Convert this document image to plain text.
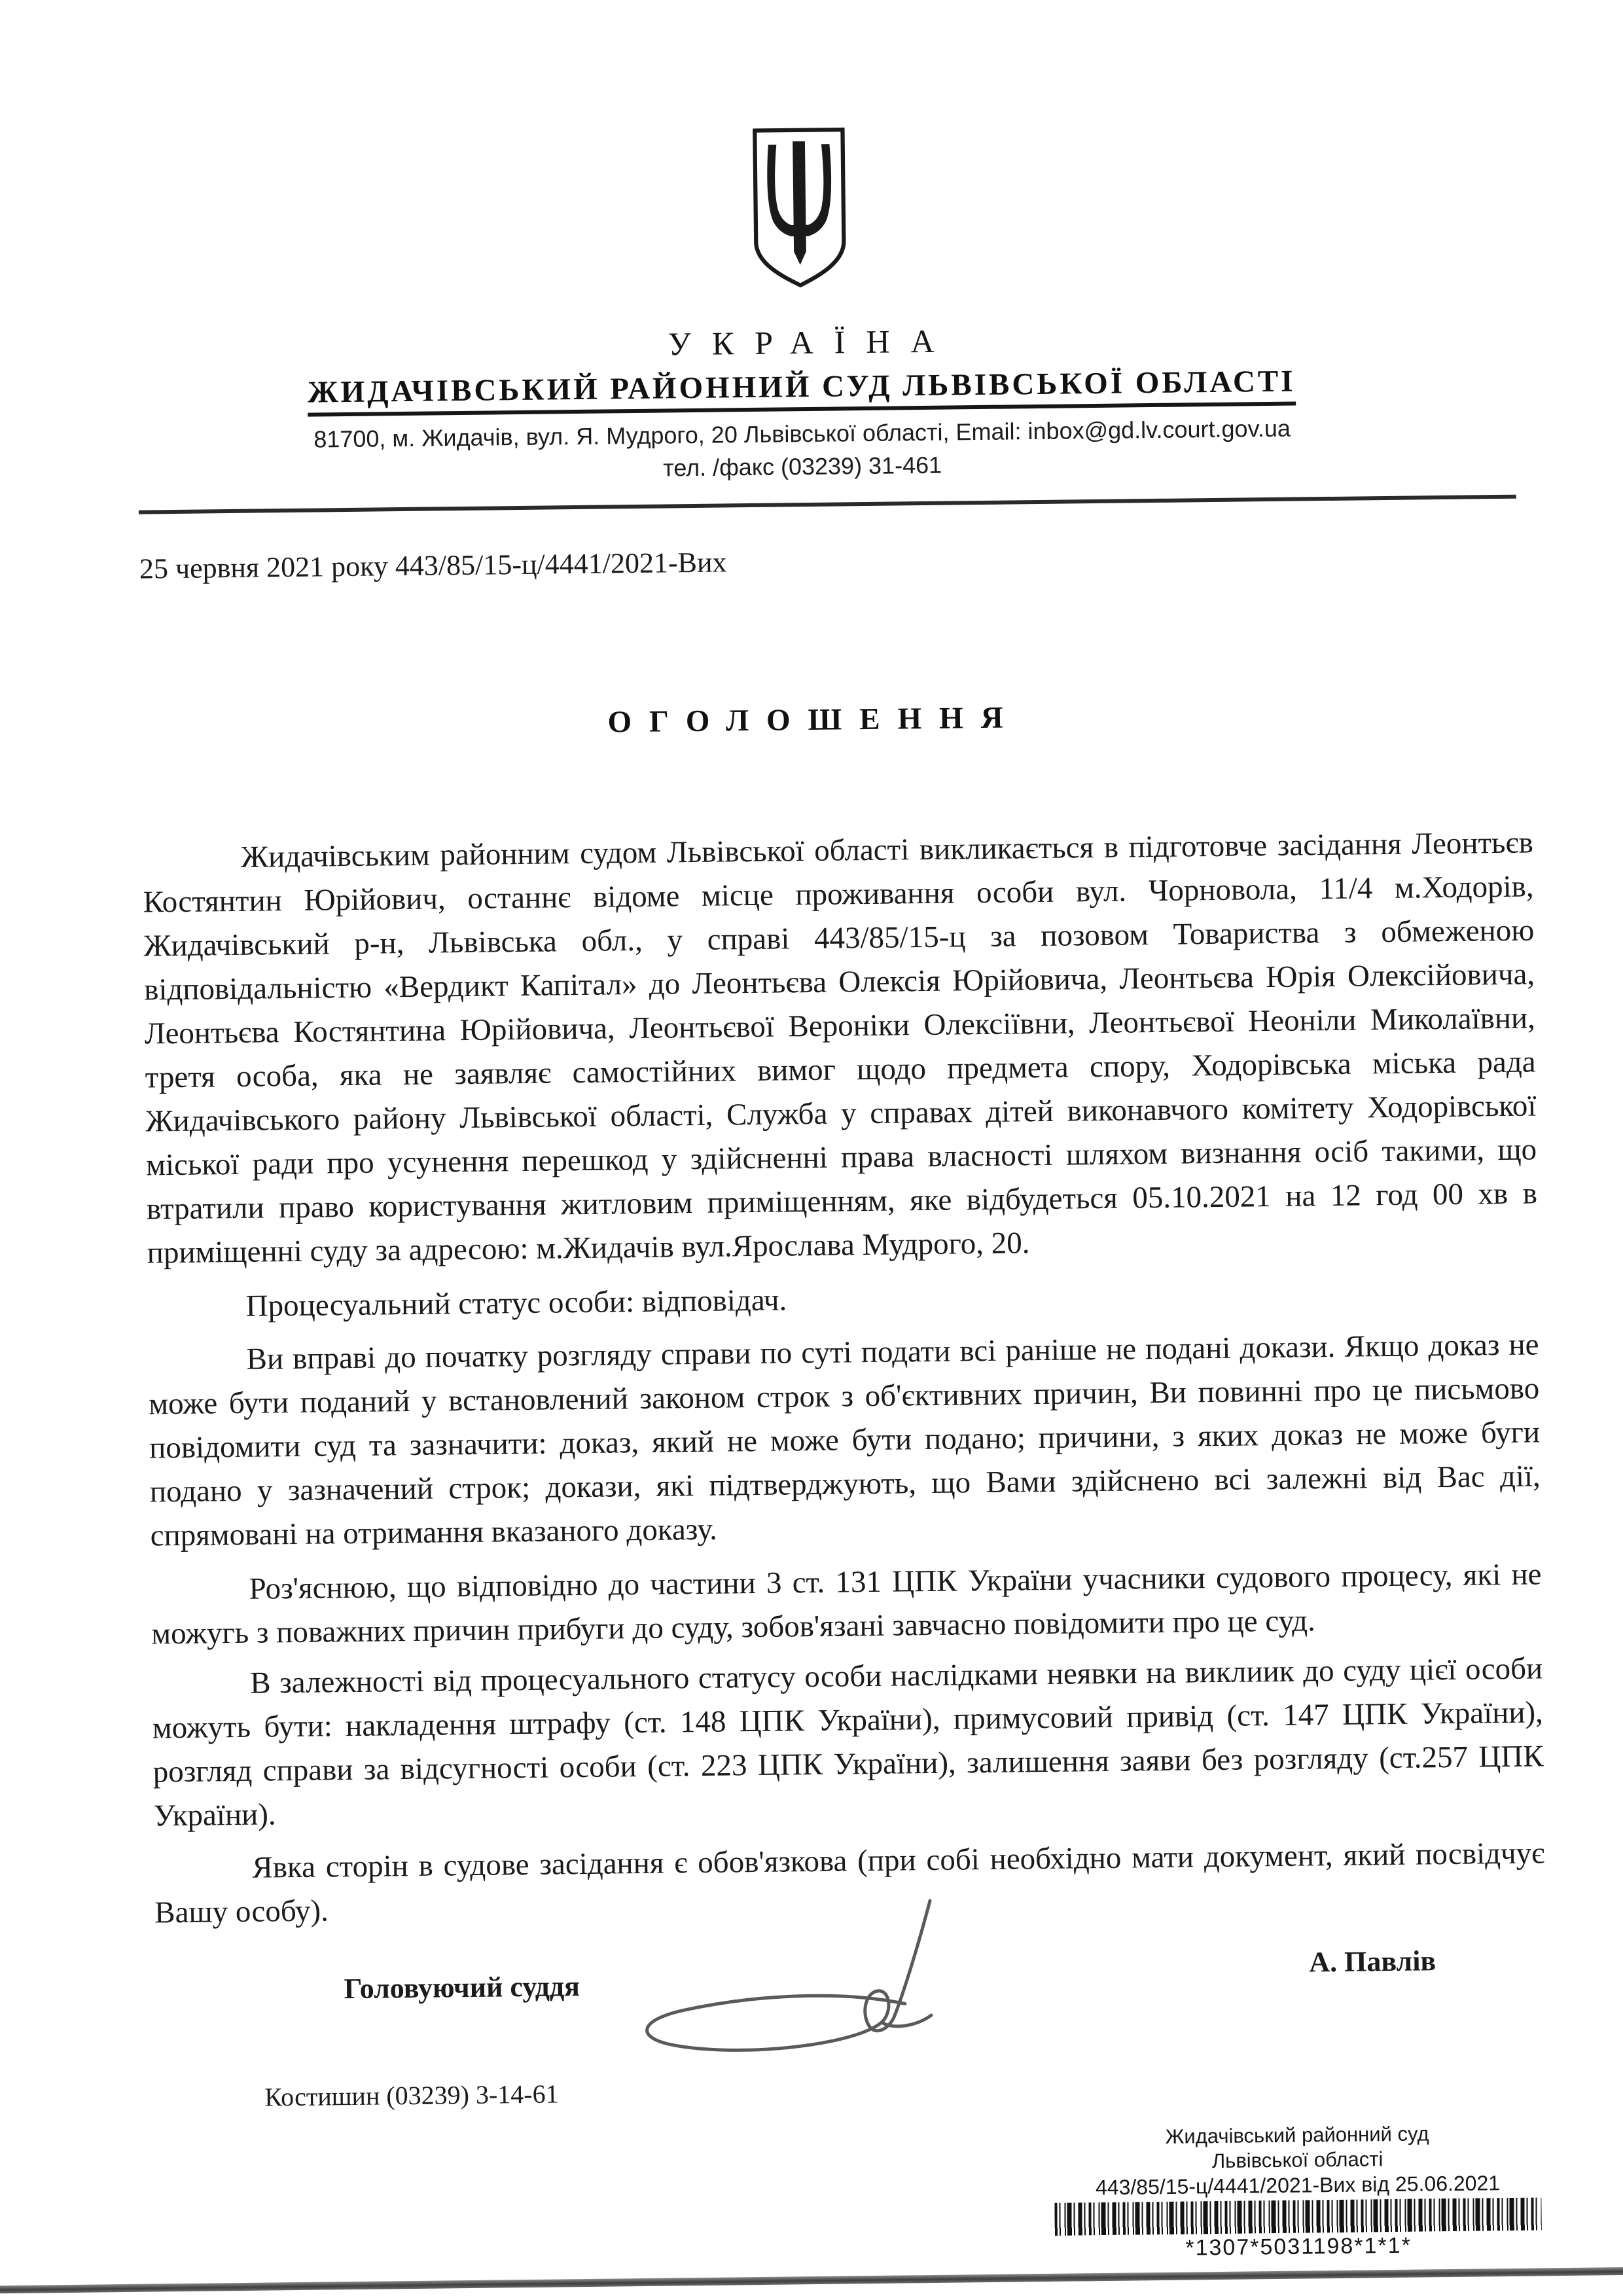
УКРАЇНА
ЖИДАЧІВСЬКИЙ РАЙОННИЙ СУД ЛЬВІВСЬКОЇ ОБЛАСТІ
81700, м. Жидачів, вул. Я. Мудрого, 20 Львівської області, Email: inbox@gd.lv.court.gov.ua
тел. /факс (03239) 31-461
25 червня 2021 року 443/85/15-ц/4441/2021-Вих
ОГОЛОШЕННЯ

Жидачівським районним судом Львівської області викликається в підготовче засідання Леонтьєв Костянтин Юрійович, останнє відоме місце проживання особи вул. Чорновола, 11/4 м.Ходорів, Жидачівський р-н, Львівська обл., у справі 443/85/15-ц за позовом Товариства з обмеженою відповідальністю «Вердикт Капітал» до Леонтьєва Олексія Юрійовича, Леонтьєва Юрія Олексійовича, Леонтьєва Костянтина Юрійовича, Леонтьєвої Вероніки Олексіївни, Леонтьєвої Неоніли Миколаївни, третя особа, яка не заявляє самостійних вимог щодо предмета спору, Ходорівська міська рада Жидачівського району Львівської області, Служба у справах дітей виконавчого комітету Ходорівської міської ради про усунення перешкод у здійсненні права власності шляхом визнання осіб такими, що втратили право користування житловим приміщенням, яке відбудеться 05.10.2021 на 12 год 00 хв в приміщенні суду за адресою: м.Жидачів вул.Ярослава Мудрого, 20.

Процесуальний статус особи: відповідач.

Ви вправі до початку розгляду справи по суті подати всі раніше не подані докази. Якщо доказ не може бути поданий у встановлений законом строк з об'єктивних причин, Ви повинні про це письмово повідомити суд та зазначити: доказ, який не може бути подано; причини, з яких доказ не може буги подано у зазначений строк; докази, які підтверджують, що Вами здійснено всі залежні від Вас дії, спрямовані на отримання вказаного доказу.

Роз'яснюю, що відповідно до частини 3 ст. 131 ЦПК України учасники судового процесу, які не можугь з поважних причин прибуги до суду, зобов'язані завчасно повідомити про це суд.

В залежності від процесуального статусу особи наслідками неявки на виклиик до суду цієї особи можуть бути: накладення штрафу (ст. 148 ЦПК України), примусовий привід (ст. 147 ЦПК України), розгляд справи за відсугності особи (ст. 223 ЦПК України), залишення заяви без розгляду (ст.257 ЦПК України).

Явка сторін в судове засідання є обов'язкова (при собі необхідно мати документ, який посвідчує Вашу особу).

Головуючий суддя
А. Павлів
Костишин (03239) 3-14-61
Жидачівський районний суд
Львівської області
443/85/15-ц/4441/2021-Вих від 25.06.2021
*1307*5031198*1*1*
